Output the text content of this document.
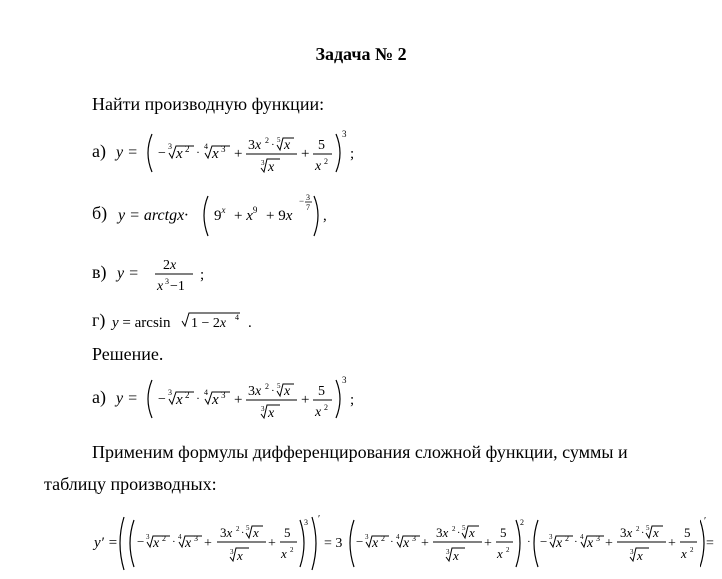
Задача № 2
Найти производную функции:
а) y = − 3 x 2 · 4 x 3 +
3x 2 · 5 x
3 x
+
5
x 2
3
;
б) y = arctgx· $9^x + x^9 + 9x$
− 3
7
,
в) y = 2x
x 3 −1
;
г) y = arcsin 1 − 2x 4 .
Решение.
а) y = − 3 x 2 · 4 x 3 +
3x 2 · 5 x
3 x
+
5
x 2
3
;
Применим формулы дифференцирования сложной функции, суммы и
таблицу производных:
y′ = − 3 x 2 · 4 x 3 +
3x 2 · 5 x
3 x
+
5
x 2
3 ′
= 3 − 3 x 2 · 4 x 3 +
3x 2 · 5 x
3 x
+
5
x 2
2
· − 3 x 2 · 4 x 3 +
3x 2 · 5 x
3 x
+
5
x 2
′
=
